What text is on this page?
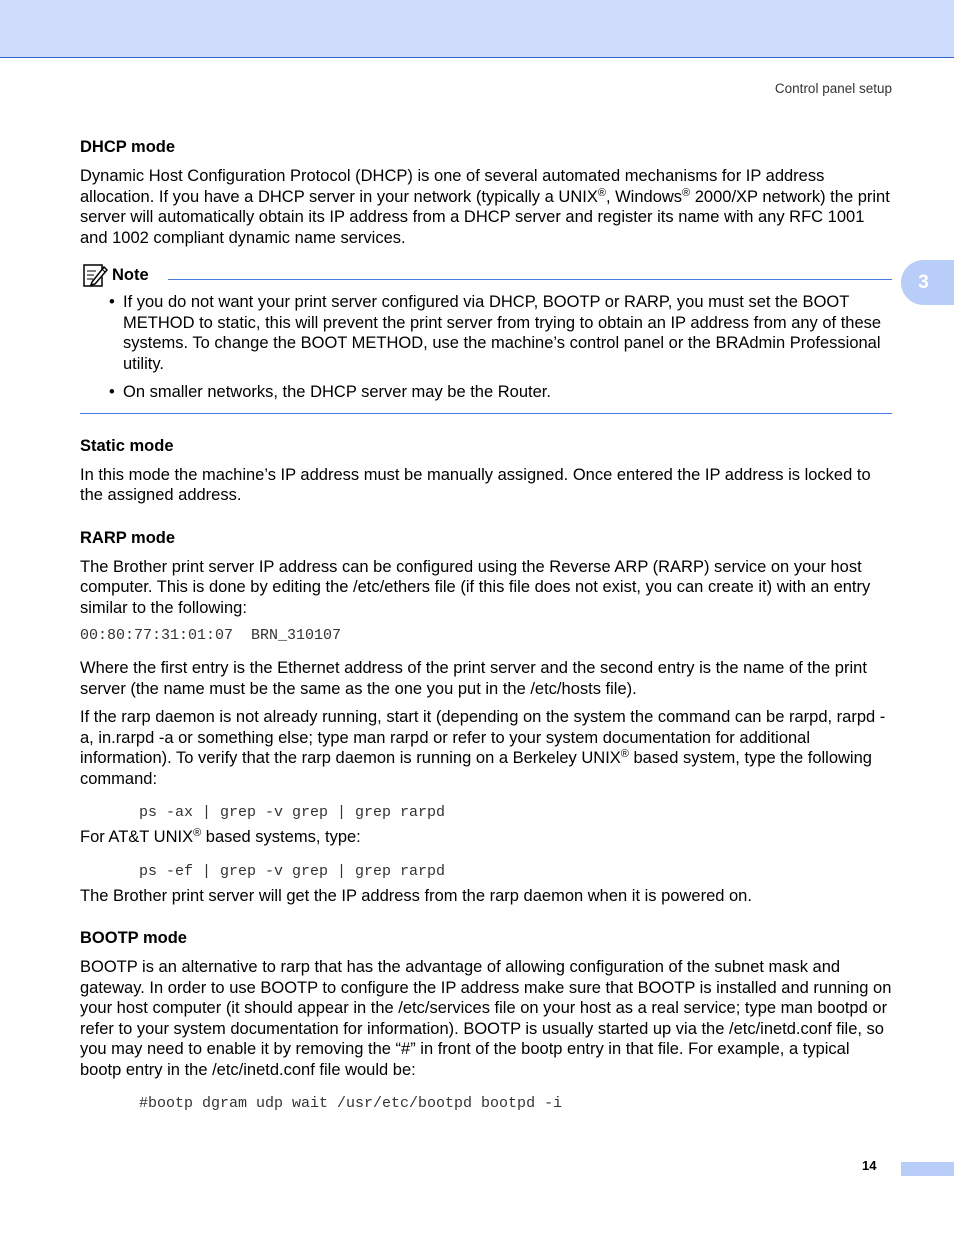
Control panel setup
3
DHCP mode

Dynamic Host Configuration Protocol (DHCP) is one of several automated mechanisms for IP address allocation. If you have a DHCP server in your network (typically a UNIX®, Windows® 2000/XP network) the print server will automatically obtain its IP address from a DHCP server and register its name with any RFC 1001 and 1002 compliant dynamic name services.

Note
• If you do not want your print server configured via DHCP, BOOTP or RARP, you must set the BOOT METHOD to static, this will prevent the print server from trying to obtain an IP address from any of these systems. To change the BOOT METHOD, use the machine’s control panel or the BRAdmin Professional utility.
• On smaller networks, the DHCP server may be the Router.
Static mode

In this mode the machine’s IP address must be manually assigned. Once entered the IP address is locked to the assigned address.

RARP mode

The Brother print server IP address can be configured using the Reverse ARP (RARP) service on your host computer. This is done by editing the /etc/ethers file (if this file does not exist, you can create it) with an entry similar to the following:

00:80:77:31:01:07  BRN_310107

Where the first entry is the Ethernet address of the print server and the second entry is the name of the print server (the name must be the same as the one you put in the /etc/hosts file).

If the rarp daemon is not already running, start it (depending on the system the command can be rarpd, rarpd -a, in.rarpd -a or something else; type man rarpd or refer to your system documentation for additional information). To verify that the rarp daemon is running on a Berkeley UNIX® based system, type the following command:

ps -ax | grep -v grep | grep rarpd

For AT&T UNIX® based systems, type:

ps -ef | grep -v grep | grep rarpd

The Brother print server will get the IP address from the rarp daemon when it is powered on.

BOOTP mode

BOOTP is an alternative to rarp that has the advantage of allowing configuration of the subnet mask and gateway. In order to use BOOTP to configure the IP address make sure that BOOTP is installed and running on your host computer (it should appear in the /etc/services file on your host as a real service; type man bootpd or refer to your system documentation for information). BOOTP is usually started up via the /etc/inetd.conf file, so you may need to enable it by removing the “#” in front of the bootp entry in that file. For example, a typical bootp entry in the /etc/inetd.conf file would be:

#bootp dgram udp wait /usr/etc/bootpd bootpd -i
14
